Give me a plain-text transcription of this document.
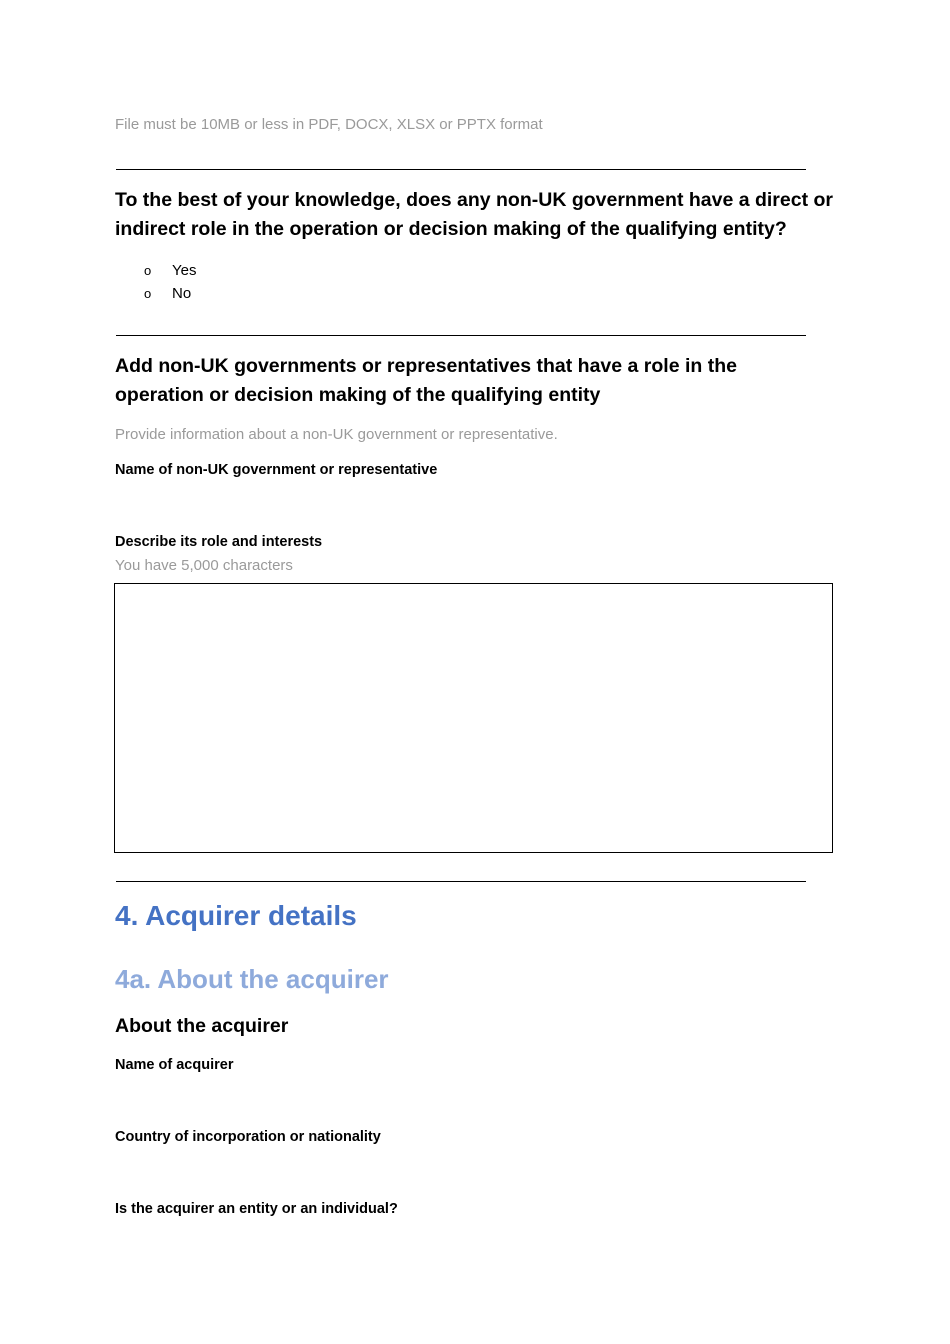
File must be 10MB or less in PDF, DOCX, XLSX or PPTX format
To the best of your knowledge, does any non-UK government have a direct or indirect role in the operation or decision making of the qualifying entity?
o	Yes
o	No
Add non-UK governments or representatives that have a role in the operation or decision making of the qualifying entity
Provide information about a non-UK government or representative.
Name of non-UK government or representative
Describe its role and interests
You have 5,000 characters
4. Acquirer details
4a. About the acquirer
About the acquirer
Name of acquirer
Country of incorporation or nationality
Is the acquirer an entity or an individual?
